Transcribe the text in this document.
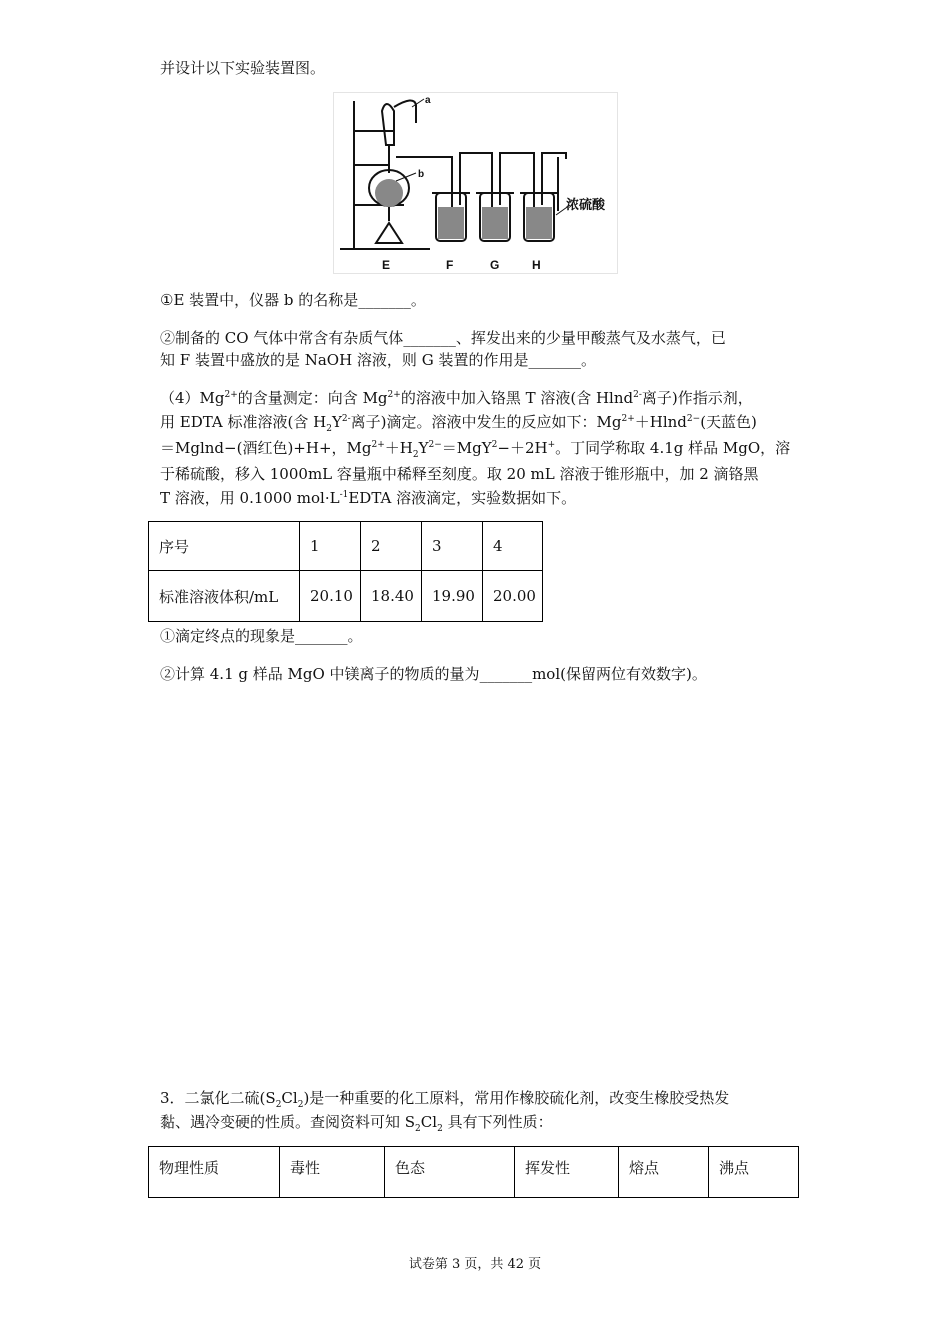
并设计以下实验装置图。
a
b
浓硫酸
E	F	G	H
①E 装置中，仪器 b 的名称是_______。
②制备的 CO 气体中常含有杂质气体_______、挥发出来的少量甲酸蒸气及水蒸气，已
知 F 装置中盛放的是 NaOH 溶液，则 G 装置的作用是_______。
$(4)Mg^{2+}$的含量测定：向含 $Mg^{2+}$的溶液中加入铬黑 T 溶液(含 Hlnd$^{2-}$离子)作指示剂，
用 EDTA 标准溶液(含 $H_2Y^{2-}$离子)滴定。溶液中发生的反应如下：$Mg^{2+}+Hlnd^{2-}$(天蓝色)
＝Mglnd−(酒红色)+H+，$Mg^{2+}+H_2Y^{2-}=MgY^2-+2H^+$。丁同学称取 4.1g 样品 MgO，溶
于稀硫酸，移入 1000mL 容量瓶中稀释至刻度。取 20 mL 溶液于锥形瓶中，加 2 滴铬黑
T 溶液，用 0.1000 $mol\cdot L^{-1}EDTA$ 溶液滴定，实验数据如下。
序号	1	2	3	4
标准溶液体积/mL	20.10	18.40	19.90	20.00
①滴定终点的现象是_______。
②计算 4.1 g 样品 MgO 中镁离子的物质的量为_______mol(保留两位有效数字)。
3．二氯化二硫$(S_2Cl_2)$是一种重要的化工原料，常用作橡胶硫化剂，改变生橡胶受热发
黏、遇冷变硬的性质。查阅资料可知 $S_2Cl_2$ 具有下列性质：
物理性质	毒性	色态	挥发性	熔点	沸点
试卷第 3 页，共 42 页
